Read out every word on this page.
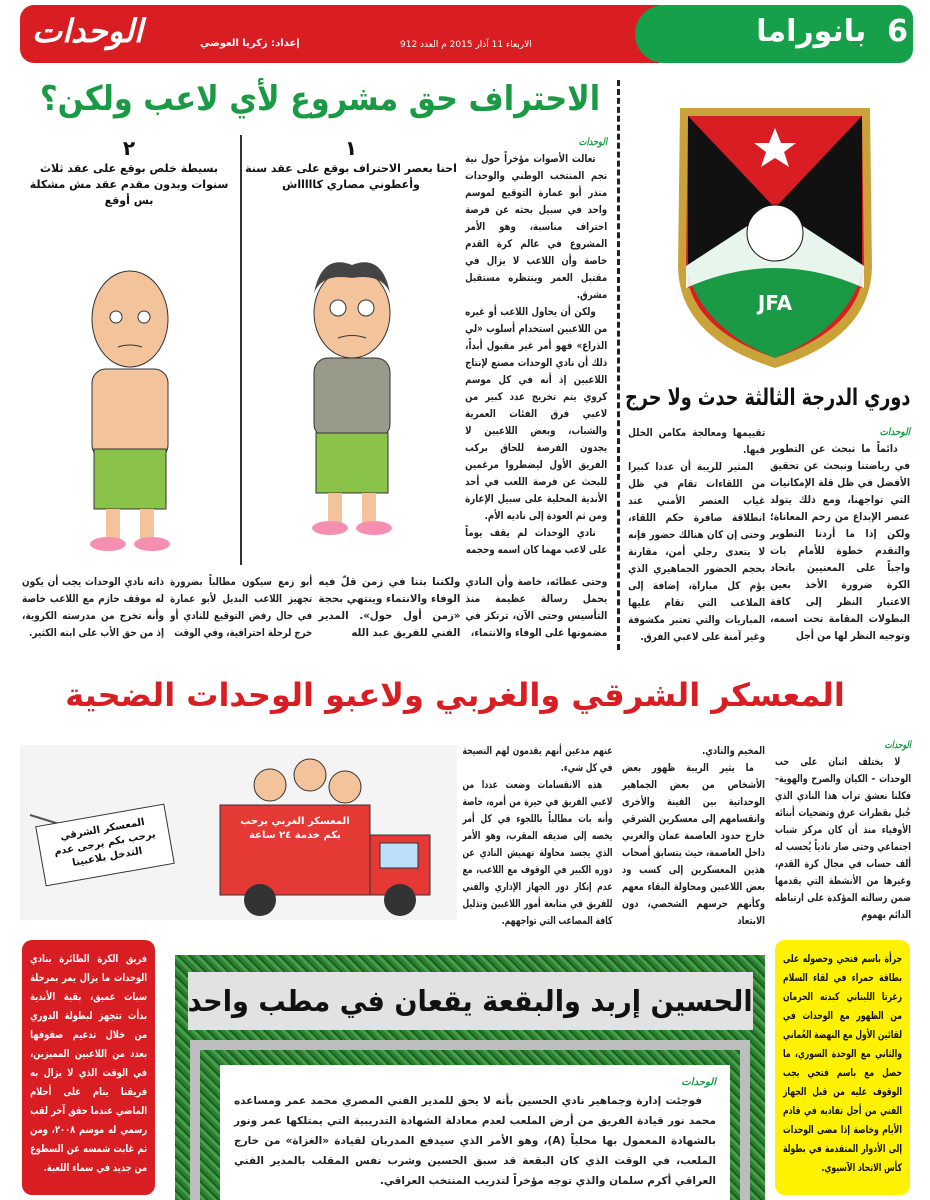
الوحدات	إعداد: زكريا العوضي	الاربعاء 11 آذار 2015 م العدد 912	6  بانوراما
الاحتراف حق مشروع لأي لاعب ولكن؟
١
احنا بعصر الاحتراف بوقع على عقد سنة وأعطوني مصاري كاااااش
٢
بسيطة خلص بوقع على عقد ثلاث سنوات وبدون مقدم عقد مش مشكلة بس أوقع
الوحدات

تعالت الأصوات مؤخراً حول نية نجم المنتخب الوطني والوحدات منذر أبو عمارة التوقيع لموسم واحد في سبيل بحثه عن فرصة احتراف مناسبة، وهو الأمر المشروع في عالم كرة القدم خاصة وأن اللاعب لا يزال في مقتبل العمر وينتظره مستقبل مشرق.

ولكن أن يحاول اللاعب أو غيره من اللاعبين استخدام أسلوب «لي الذراع» فهو أمر غير مقبول أبداً، ذلك أن نادي الوحدات مصنع لإنتاج اللاعبين إذ أنه في كل موسم كروي يتم تخريج عدد كبير من لاعبي فرق الفئات العمرية والشباب، وبعض اللاعبين لا يجدون الفرصة للحاق بركب الفريق الأول ليضطروا مرغمين للبحث عن فرصة اللعب في أحد الأندية المحلية على سبيل الإعارة ومن ثم العودة إلى ناديه الأم.

نادي الوحدات لم يقف يوماً على لاعب مهما كان اسمه وحجمه

وحتى عطائه، خاصة وأن النادي يحمل رسالة عظيمة منذ التأسيس وحتى الآن، ترتكز في مضمونها على الوفاء والانتماء،
ولكننا بتنا في زمن قلّ فيه الوفاء والانتماء وينتهي بحجة «زمن أول حول». المدير الفني للفريق عبد الله
أبو زمع سيكون مطالباً بضرورة تجهيز اللاعب البديل لأبو عمارة في حال رفض التوقيع للنادي أو خرج لرحلة احترافية، وفي الوقت
ذاته نادي الوحدات يجب أن يكون له موقف حازم مع اللاعب خاصة وأنه تخرج من مدرسته الكروية، إذ من حق الأب على ابنه الكثير.
JFA
دوري الدرجة الثالثة حدث ولا حرج
الوحدات

دائماً ما نبحث عن التطوير في رياضتنا ونبحث عن تحقيق الأفضل في ظل قلة الإمكانيات التي تواجهنا، ومع ذلك يتولد عنصر الإبداع من رحم المعاناة؛ ولكن إذا ما أردنا التطوير والتقدم خطوة للأمام بات واجباً على المعنيين باتحاد الكرة ضرورة الأخذ بعين الاعتبار النظر إلى كافة البطولات المقامة تحت اسمه، وتوجيه النظر لها من أجل

تقييمها ومعالجة مكامن الخلل فيها.

المثير للريبة أن عددا كبيرا من اللقاءات تقام في ظل غياب العنصر الأمني عند انطلاقة صافرة حكم اللقاء، وحتى إن كان هنالك حضور فإنه لا يتعدى رجلي أمن، مقارنة بحجم الحضور الجماهيري الذي يؤم كل مباراة، إضافة إلى الملاعب التي تقام عليها المباريات والتي تعتبر مكشوفة وغير آمنة على لاعبي الفرق.

المعسكر الشرقي والغربي ولاعبو الوحدات الضحية
الوحدات

لا يختلف اثنان على حب الوحدات – الكيان والصرح والهوية– فكلنا نعشق تراب هذا النادي الذي جُبل بقطرات عرق وتضحيات أبنائه الأوفياء منذ أن كان مركز شباب اجتماعي وحتى صار نادياً يُحسب له ألف حساب في مجال كرة القدم، وغيرها من الأنشطة التي يقدمها ضمن رسالته المؤكدة على ارتباطه الدائم بهموم

المخيم والنادي.

ما يثير الريبة ظهور بعض الأشخاص من بعض الجماهير الوحداتية بين الفينة والأخرى وانقسامهم إلى معسكرين الشرقي خارج حدود العاصمة عمان والغربي داخل العاصمة، حيث يتسابق أصحاب هذين المعسكرين إلى كسب ود بعض اللاعبين ومحاولة البقاء معهم وكأنهم حرسهم الشخصي، دون الابتعاد

عنهم مدعين أنهم يقدمون لهم النصيحة في كل شيء.

هذه الانقسامات وضعت عددا من لاعبي الفريق في حيرة من أمره، خاصة وأنه بات مطالباً باللجوء في كل أمر يخصه إلى صديقه المقرب، وهو الأمر الذي يجسد محاولة تهميش النادي عن دوره الكبير في الوقوف مع اللاعب، مع عدم إنكار دور الجهاز الإداري والفني للفريق في متابعة أمور اللاعبين وتذليل كافة المصاعب التي تواجههم.

المعسكر الغربي يرحب بكم خدمة ٢٤ ساعة
المعسكر الشرقي يرحب بكم يرجى عدم التدخل بلاعبينا
فريق الكرة الطائرة بنادي الوحدات ما يزال يمر بمرحلة سبات عميق، بقية الأندية بدأت تتجهز لبطولة الدوري من خلال تدعيم صفوفها بعدد من اللاعبين المميزين، في الوقت الذي لا يزال به فريقنا ينام على أحلام الماضي عندما حقق آخر لقب رسمي له موسم ٢٠٠٨، ومن ثم غابت شمسه عن السطوع من جديد في سماء اللعبة.
جرأة باسم فتحي وحصوله على بطاقة حمراء في لقاء السلام زغرتا اللبناني كبدته الحرمان من الظهور مع الوحدات في لقائين الأول مع النهضة العُماني والثاني مع الوحدة السوري، ما حصل مع باسم فتحي يجب الوقوف عليه من قبل الجهاز الفني من أجل تفاديه في قادم الأيام وخاصة إذا مضى الوحدات إلى الأدوار المتقدمة في بطولة كأس الاتحاد الآسيوي.
الحسين إربد والبقعة يقعان في مطب واحد
الوحدات

فوجئت إدارة وجماهير نادي الحسين بأنه لا يحق للمدير الفني المصري محمد عمر ومساعده محمد نور قيادة الفريق من أرض الملعب لعدم معادلة الشهادة التدريبية التي يمتلكها عمر ونور بالشهادة المعمول بها محلياً (A)، وهو الأمر الذي سيدفع المدربان لقيادة «الغزاة» من خارج الملعب، في الوقت الذي كان البقعة قد سبق الحسين وشرب نفس المقلب بالمدير الفني العراقي أكرم سلمان والذي توجه مؤخراً لتدريب المنتخب العراقي.
